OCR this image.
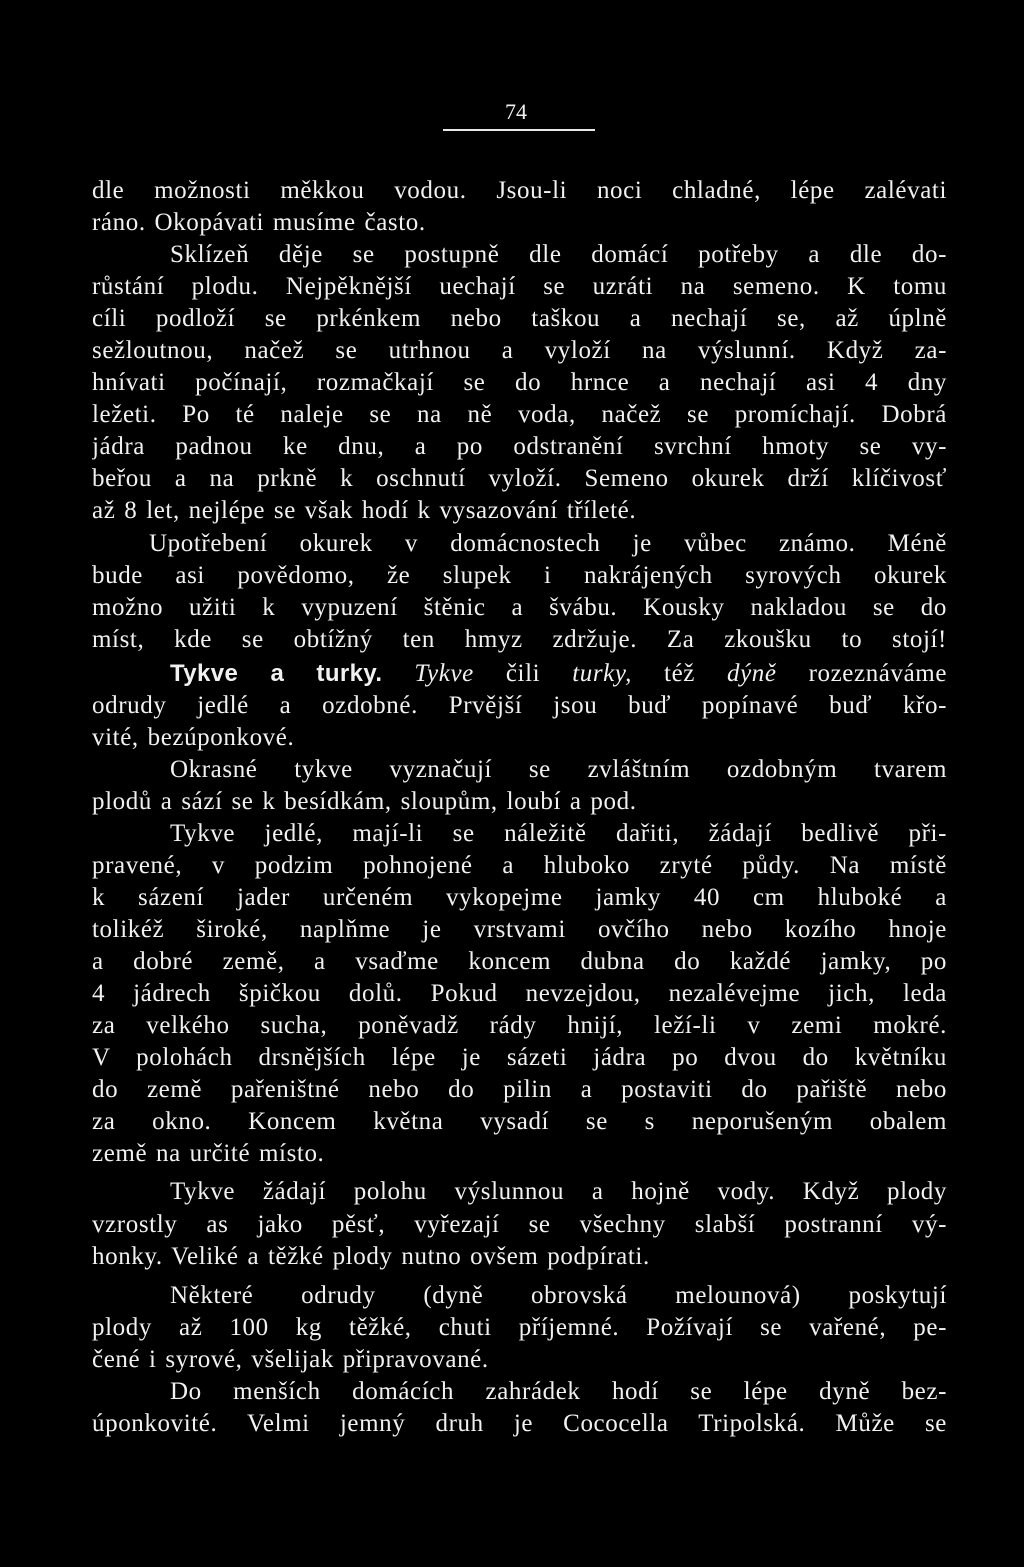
74
dle možnosti měkkou vodou. Jsou-li noci chladné, lépe zalévati
ráno. Okopávati musíme často.
Sklízeň děje se postupně dle domácí potřeby a dle do-
růstání plodu. Nejpěknější uechají se uzráti na semeno. K tomu
cíli podloží se prkénkem nebo taškou a nechají se, až úplně
sežloutnou, načež se utrhnou a vyloží na výslunní. Když za-
hnívati počínají, rozmačkají se do hrnce a nechají asi 4 dny
ležeti. Po té naleje se na ně voda, načež se promíchají. Dobrá
jádra padnou ke dnu, a po odstranění svrchní hmoty se vy-
beřou a na prkně k oschnutí vyloží. Semeno okurek drží klíčivosť
až 8 let, nejlépe se však hodí k vysazování tříleté.
Upotřebení okurek v domácnostech je vůbec známo. Méně
bude asi povědomo, že slupek i nakrájených syrových okurek
možno užiti k vypuzení štěnic a švábu. Kousky nakladou se do
míst, kde se obtížný ten hmyz zdržuje. Za zkoušku to stojí!
Tykve a turky. Tykve čili turky, též dýně rozeznáváme
odrudy jedlé a ozdobné. Prvější jsou buď popínavé buď křo-
vité, bezúponkové.
Okrasné tykve vyznačují se zvláštním ozdobným tvarem
plodů a sází se k besídkám, sloupům, loubí a pod.
Tykve jedlé, mají-li se náležitě dařiti, žádají bedlivě při-
pravené, v podzim pohnojené a hluboko zryté půdy. Na místě
k sázení jader určeném vykopejme jamky 40 cm hluboké a
tolikéž široké, naplňme je vrstvami ovčího nebo kozího hnoje
a dobré země, a vsaďme koncem dubna do každé jamky, po
4 jádrech špičkou dolů. Pokud nevzejdou, nezalévejme jich, leda
za velkého sucha, poněvadž rády hnijí, leží-li v zemi mokré.
V polohách drsnějších lépe je sázeti jádra po dvou do květníku
do země pařeništné nebo do pilin a postaviti do pařiště nebo
za okno. Koncem května vysadí se s neporušeným obalem
země na určité místo.
Tykve žádají polohu výslunnou a hojně vody. Když plody
vzrostly as jako pěsť, vyřezají se všechny slabší postranní vý-
honky. Veliké a těžké plody nutno ovšem podpírati.
Některé odrudy (dyně obrovská melounová) poskytují
plody až 100 kg těžké, chuti příjemné. Požívají se vařené, pe-
čené i syrové, všelijak připravované.
Do menších domácích zahrádek hodí se lépe dyně bez-
úponkovité. Velmi jemný druh je Cococella Tripolská. Může se
